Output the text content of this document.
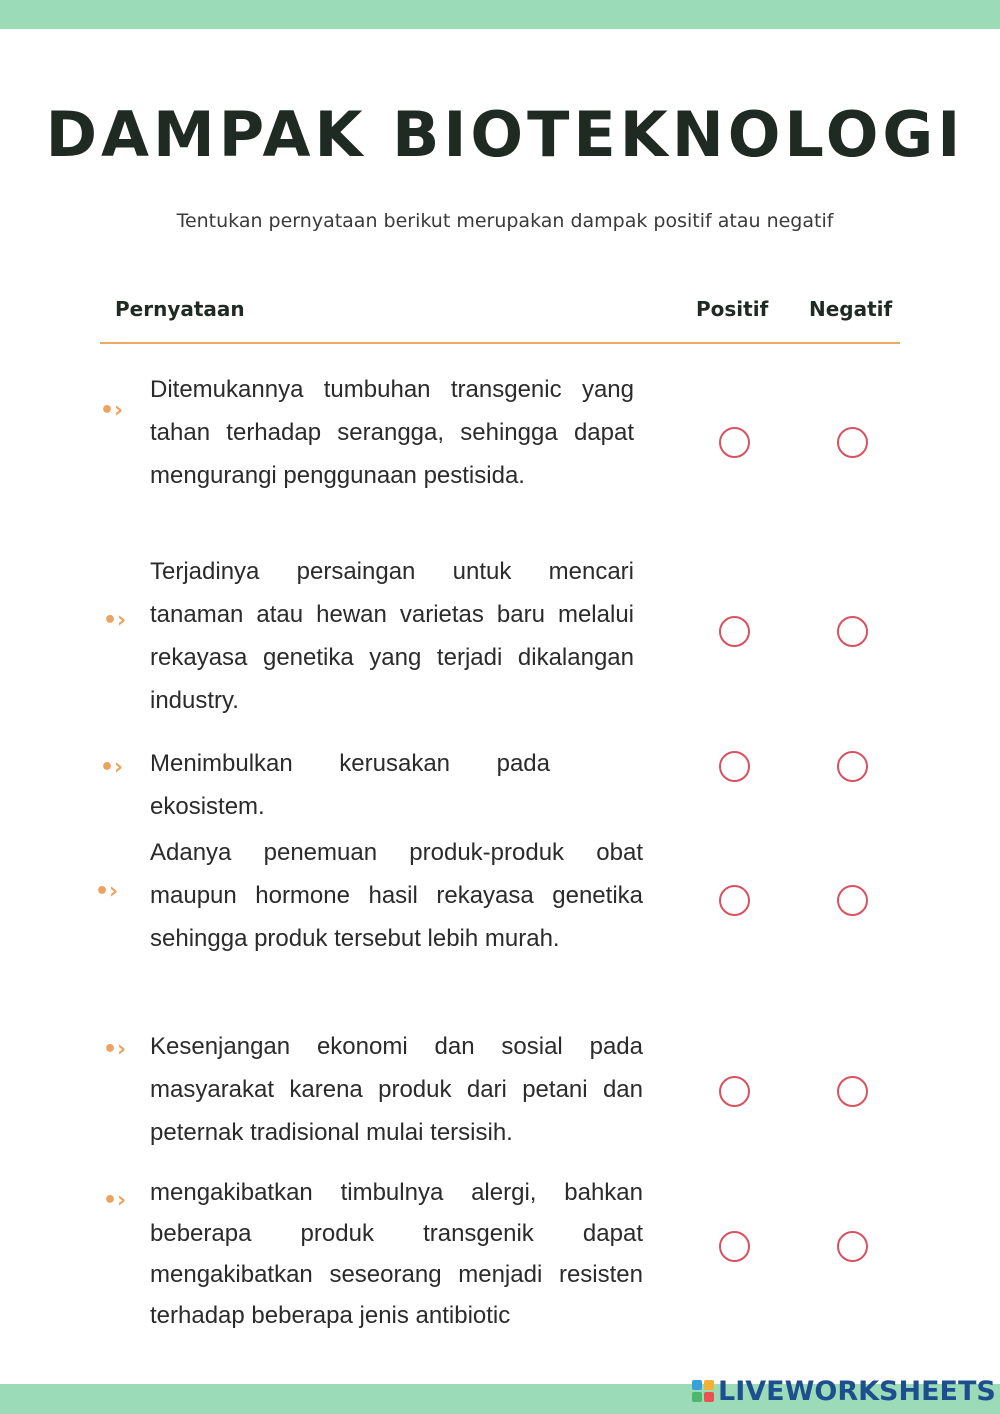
DAMPAK BIOTEKNOLOGI

Tentukan pernyataan berikut merupakan dampak positif atau negatif

Pernyataan	Positif Negatif
•›

Ditemukannya tumbuhan transgenic yang tahan terhadap serangga, sehingga dapat mengurangi penggunaan pestisida.

•›

Terjadinya persaingan untuk mencari tanaman atau hewan varietas baru melalui rekayasa genetika yang terjadi dikalangan industry.

•› Menimbulkan kerusakan pada ekosistem.

•›

Adanya penemuan produk-produk obat maupun hormone hasil rekayasa genetika sehingga produk tersebut lebih murah.

•› Kesenjangan ekonomi dan sosial pada masyarakat karena produk dari petani dan peternak tradisional mulai tersisih.

•› mengakibatkan timbulnya alergi, bahkan beberapa produk transgenik dapat mengakibatkan seseorang menjadi resisten terhadap beberapa jenis antibiotic

LIVEWORKSHEETS
